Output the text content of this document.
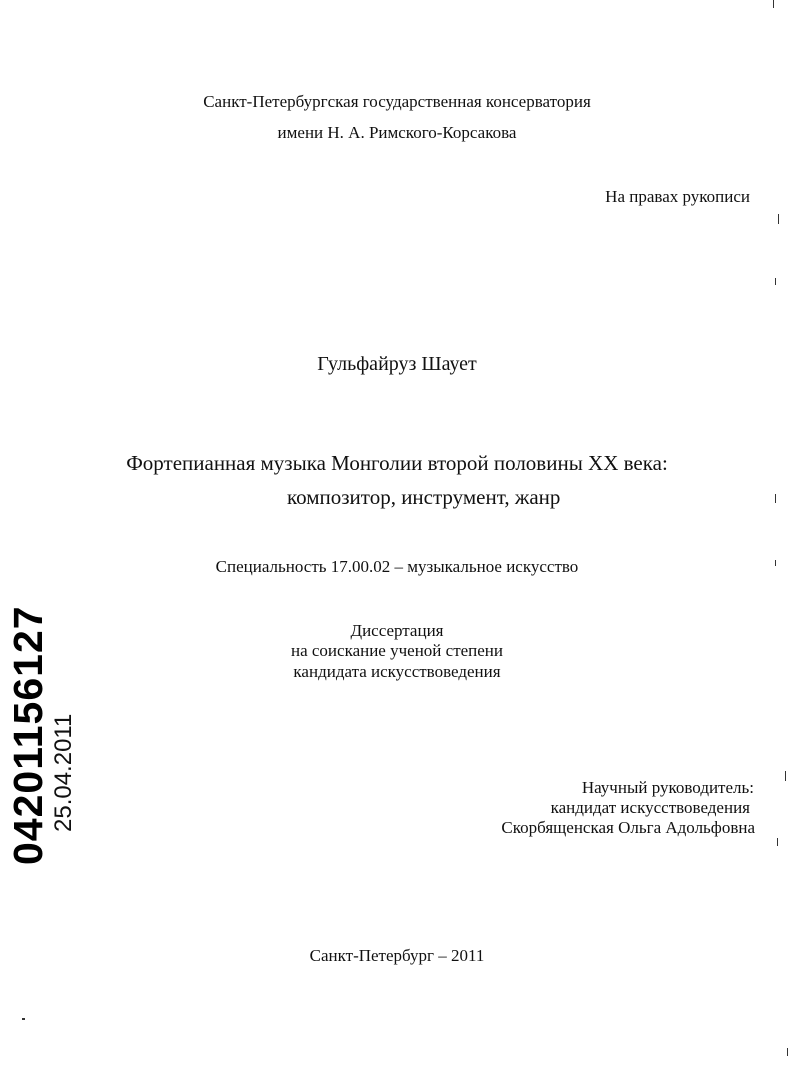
Санкт-Петербургская государственная консерватория
имени Н. А. Римского-Корсакова
На правах рукописи
Гульфайруз Шаует
Фортепианная музыка Монголии второй половины XX века:
композитор, инструмент, жанр
Специальность 17.00.02 – музыкальное искусство
Диссертация
на соискание ученой степени
кандидата искусствоведения
Научный руководитель:
кандидат искусствоведения
Скорбященская Ольга Адольфовна
Санкт-Петербург – 2011
04201156127 25.04.2011
